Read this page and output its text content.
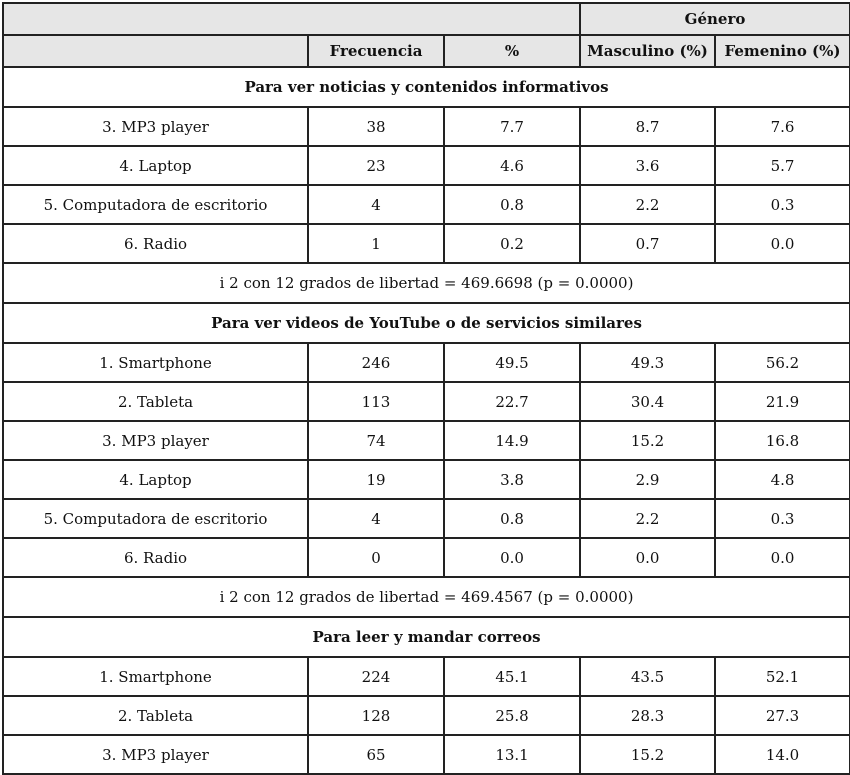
			Género	
	Frecuencia	%	Masculino (%)	Femenino (%)
Para ver noticias y contenidos informativos				
3. MP3 player	38	7.7	8.7	7.6
4. Laptop	23	4.6	3.6	5.7
5. Computadora de escritorio	4	0.8	2.2	0.3
6. Radio	1	0.2	0.7	0.0
i 2 con 12 grados de libertad = 469.6698 (p = 0.0000)				
Para ver videos de YouTube o de servicios similares				
1. Smartphone	246	49.5	49.3	56.2
2. Tableta	113	22.7	30.4	21.9
3. MP3 player	74	14.9	15.2	16.8
4. Laptop	19	3.8	2.9	4.8
5. Computadora de escritorio	4	0.8	2.2	0.3
6. Radio	0	0.0	0.0	0.0
i 2 con 12 grados de libertad = 469.4567 (p = 0.0000)				
Para leer y mandar correos				
1. Smartphone	224	45.1	43.5	52.1
2. Tableta	128	25.8	28.3	27.3
3. MP3 player	65	13.1	15.2	14.0
